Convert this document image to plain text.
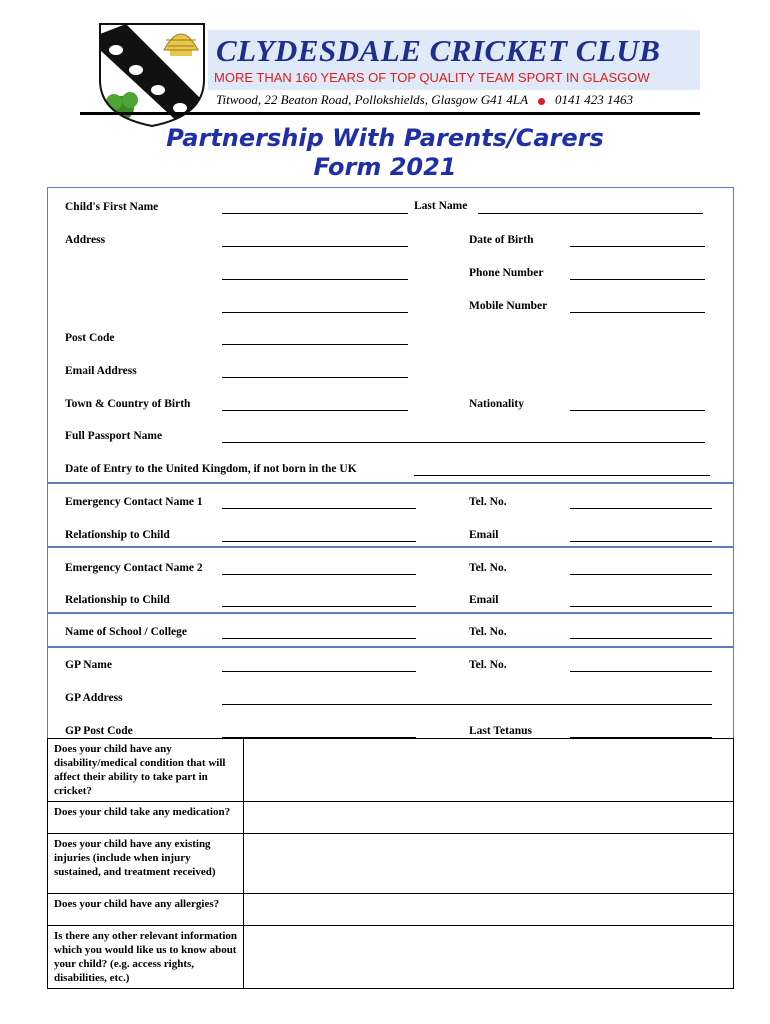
CLYDESDALE CRICKET CLUB
MORE THAN 160 YEARS OF TOP QUALITY TEAM SPORT IN GLASGOW
Titwood, 22 Beaton Road, Pollokshields, Glasgow G41 4LA 0141 423 1463
Partnership With Parents/Carers
Form 2021
Child's First Name	Last Name
Address	Date of Birth
Phone Number
Mobile Number
Post Code
Email Address
Town & Country of Birth	Nationality
Full Passport Name
Date of Entry to the United Kingdom, if not born in the UK
Emergency Contact Name 1	Tel. No.
Relationship to Child	Email
Emergency Contact Name 2	Tel. No.
Relationship to Child	Email
Name of School / College	Tel. No.
GP Name	Tel. No.
GP Address
GP Post Code	Last Tetanus
Does your child have any disability/medical condition that will affect their ability to take part in cricket?	
Does your child take any medication?	
Does your child have any existing injuries (include when injury sustained, and treatment received)	
Does your child have any allergies?	
Is there any other relevant information which you would like us to know about your child? (e.g. access rights, disabilities, etc.)	
